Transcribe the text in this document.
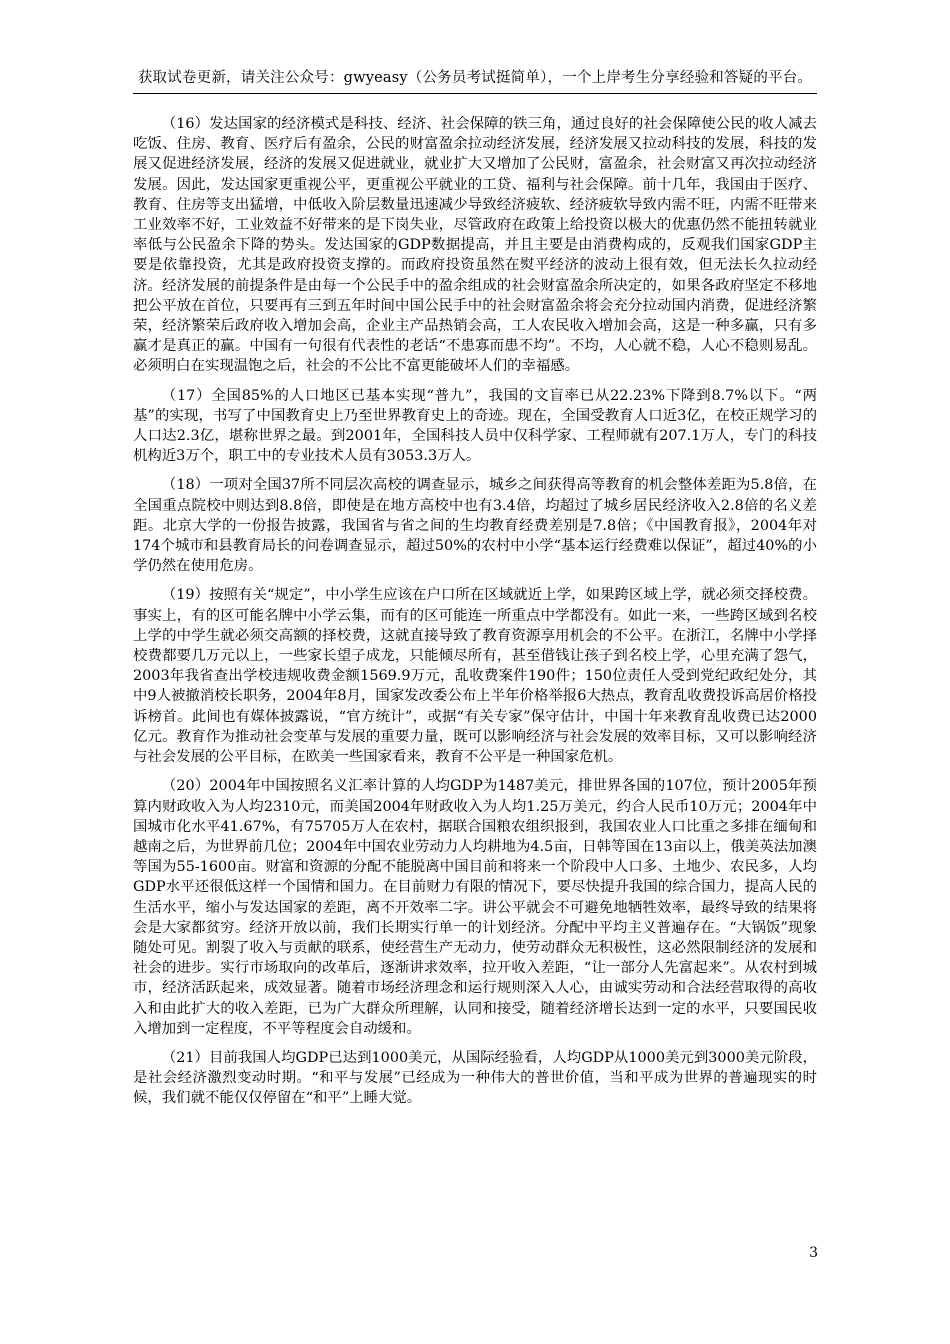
获取试卷更新，请关注公众号：gwyeasy（公务员考试挺简单），一个上岸考生分享经验和答疑的平台。

（16）发达国家的经济模式是科技、经济、社会保障的铁三角，通过良好的社会保障使公民的收人减去吃饭、住房、教育、医疗后有盈余，公民的财富盈余拉动经济发展，经济发展又拉动科技的发展，科技的发展又促进经济发展，经济的发展又促进就业，就业扩大又增加了公民财，富盈余，社会财富又再次拉动经济发展。因此，发达国家更重视公平，更重视公平就业的工贷、福利与社会保障。前十几年，我国由于医疗、教育、住房等支出猛增，中低收入阶层数量迅速减少导致经济疲软、经济疲软导致内需不旺，内需不旺带来工业效率不好，工业效益不好带来的是下岗失业，尽管政府在政策上给投资以极大的优惠仍然不能扭转就业率低与公民盈余下降的势头。发达国家的GDP数据提高，并且主要是由消费构成的，反观我们国家GDP主要是依靠投资，尤其是政府投资支撑的。而政府投资虽然在熨平经济的波动上很有效，但无法长久拉动经济。经济发展的前提条件是由每一个公民手中的盈余组成的社会财富盈余所决定的，如果各政府坚定不移地把公平放在首位，只要再有三到五年时间中国公民手中的社会财富盈余将会充分拉动国内消费，促进经济繁荣，经济繁荣后政府收入增加会高，企业主产品热销会高，工人农民收入增加会高，这是一种多赢，只有多赢才是真正的赢。中国有一句很有代表性的老话“不患寡而患不均”。不均，人心就不稳，人心不稳则易乱。必须明白在实现温饱之后，社会的不公比不富更能破坏人们的幸福感。

（17）全国85%的人口地区已基本实现“普九”，我国的文盲率已从22.23%下降到8.7%以下。“两基”的实现，书写了中国教育史上乃至世界教育史上的奇迹。现在，全国受教育人口近3亿，在校正规学习的人口达2.3亿，堪称世界之最。到2001年，全国科技人员中仅科学家、工程师就有207.1万人，专门的科技机构近3万个，职工中的专业技术人员有3053.3万人。

（18）一项对全国37所不同层次高校的调查显示，城乡之间获得高等教育的机会整体差距为5.8倍，在全国重点院校中则达到8.8倍，即使是在地方高校中也有3.4倍，均超过了城乡居民经济收入2.8倍的名义差距。北京大学的一份报告披露，我国省与省之间的生均教育经费差别是7.8倍；《中国教育报》，2004年对174个城市和县教育局长的问卷调查显示，超过50%的农村中小学“基本运行经费难以保证”，超过40%的小学仍然在使用危房。

（19）按照有关“规定”，中小学生应该在户口所在区域就近上学，如果跨区域上学，就必须交择校费。事实上，有的区可能名牌中小学云集，而有的区可能连一所重点中学都没有。如此一来，一些跨区域到名校上学的中学生就必须交高额的择校费，这就直接导致了教育资源享用机会的不公平。在浙江，名牌中小学择校费都要几万元以上，一些家长望子成龙，只能倾尽所有，甚至借钱让孩子到名校上学，心里充满了怨气，2003年我省查出学校违规收费金额1569.9万元，乱收费案件190件；150位责任人受到党纪政纪处分，其中9人被撤消校长职务，2004年8月，国家发改委公布上半年价格举报6大热点，教育乱收费投诉高居价格投诉榜首。此间也有媒体披露说，“官方统计”，或据“有关专家”保守估计，中国十年来教育乱收费已达2000亿元。教育作为推动社会变革与发展的重要力量，既可以影响经济与社会发展的效率目标，又可以影响经济与社会发展的公平目标，在欧美一些国家看来，教育不公平是一种国家危机。

（20）2004年中国按照名义汇率计算的人均GDP为1487美元，排世界各国的107位，预计2005年预算内财政收入为人均2310元，而美国2004年财政收入为人均1.25万美元，约合人民币10万元；2004年中国城市化水平41.67%，有75705万人在农村，据联合国粮农组织报到，我国农业人口比重之多排在缅甸和越南之后，为世界前几位；2004年中国农业劳动力人均耕地为4.5亩，日韩等国在13亩以上，俄美英法加澳等国为55-1600亩。财富和资源的分配不能脱离中国目前和将来一个阶段中人口多、土地少、农民多，人均GDP水平还很低这样一个国情和国力。在目前财力有限的情况下，要尽快提升我国的综合国力，提高人民的生活水平，缩小与发达国家的差距，离不开效率二字。讲公平就会不可避免地牺牲效率，最终导致的结果将会是大家都贫穷。经济开放以前，我们长期实行单一的计划经济。分配中平均主义普遍存在。“大锅饭”现象随处可见。割裂了收入与贡献的联系，使经营生产无动力，使劳动群众无积极性，这必然限制经济的发展和社会的进步。实行市场取向的改革后，逐渐讲求效率，拉开收入差距，“让一部分人先富起来”。从农村到城市，经济活跃起来，成效显著。随着市场经济理念和运行规则深入人心，由诚实劳动和合法经营取得的高收入和由此扩大的收入差距，已为广大群众所理解，认同和接受，随着经济增长达到一定的水平，只要国民收入增加到一定程度，不平等程度会自动缓和。

（21）目前我国人均GDP已达到1000美元，从国际经验看，人均GDP从1000美元到3000美元阶段，是社会经济激烈变动时期。“和平与发展”已经成为一种伟大的普世价值，当和平成为世界的普遍现实的时候，我们就不能仅仅停留在“和平”上睡大觉。

3
